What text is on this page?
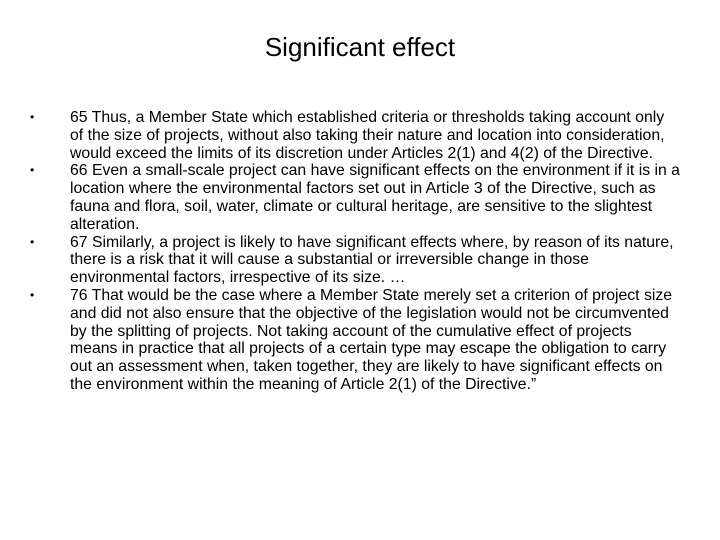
Significant effect
•	65 Thus, a Member State which established criteria or thresholds taking account only of the size of projects, without also taking their nature and location into consideration, would exceed the limits of its discretion under Articles 2(1) and 4(2) of the Directive.
•	66 Even a small-scale project can have significant effects on the environment if it is in a location where the environmental factors set out in Article 3 of the Directive, such as fauna and flora, soil, water, climate or cultural heritage, are sensitive to the slightest alteration.
•	67 Similarly, a project is likely to have significant effects where, by reason of its nature, there is a risk that it will cause a substantial or irreversible change in those environmental factors, irrespective of its size. …
•	76 That would be the case where a Member State merely set a criterion of project size and did not also ensure that the objective of the legislation would not be circumvented by the splitting of projects. Not taking account of the cumulative effect of projects means in practice that all projects of a certain type may escape the obligation to carry out an assessment when, taken together, they are likely to have significant effects on the environment within the meaning of Article 2(1) of the Directive.”
